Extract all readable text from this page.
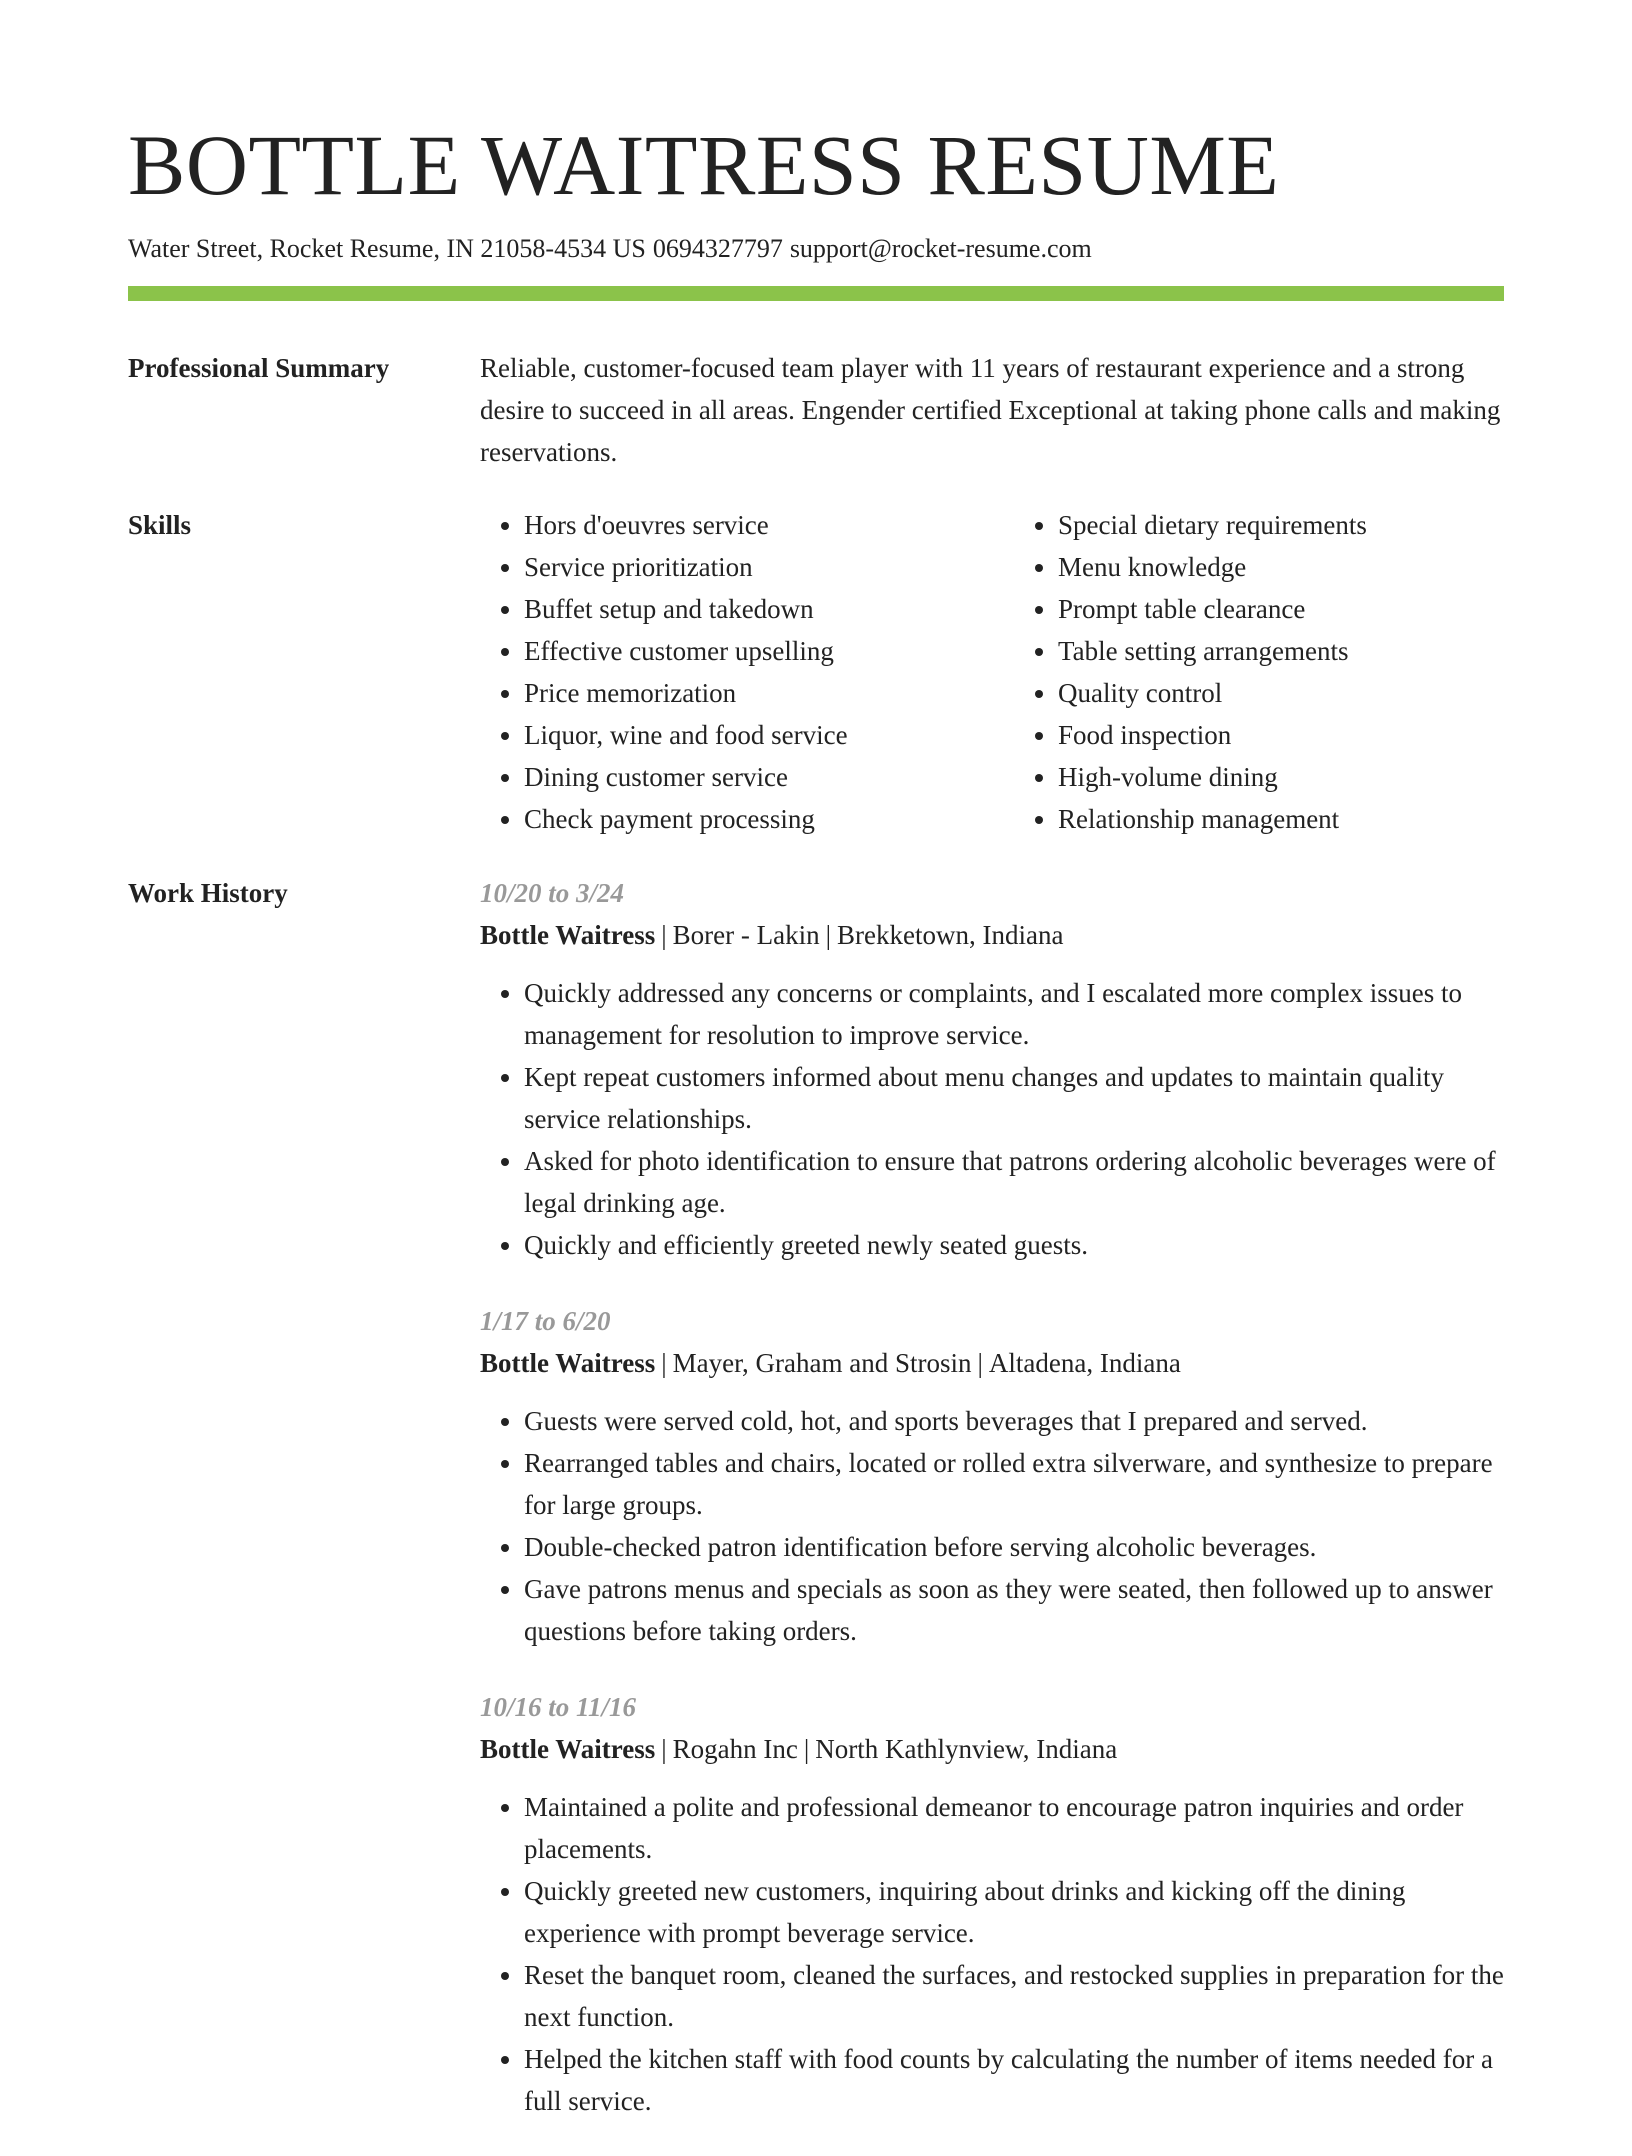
BOTTLE WAITRESS RESUME
Water Street, Rocket Resume, IN 21058-4534 US 0694327797 support@rocket-resume.com
Professional Summary	Reliable, customer-focused team player with 11 years of restaurant experience and a strong desire to succeed in all areas. Engender certified Exceptional at taking phone calls and making reservations.

Skills
•	Hors d'oeuvres service
• Service prioritization
• Buffet setup and takedown
• Effective customer upselling
• Price memorization
• Liquor, wine and food service
• Dining customer service
• Check payment processing
• Special dietary requirements
• Menu knowledge
• Prompt table clearance
• Table setting arrangements
• Quality control
• Food inspection
• High-volume dining
• Relationship management
Work History	10/20 to 3/24
Bottle Waitress | Borer - Lakin | Brekketown, Indiana
• Quickly addressed any concerns or complaints, and I escalated more complex issues to management for resolution to improve service.
• Kept repeat customers informed about menu changes and updates to maintain quality service relationships.
• Asked for photo identification to ensure that patrons ordering alcoholic beverages were of legal drinking age.
• Quickly and efficiently greeted newly seated guests.
1/17 to 6/20
Bottle Waitress | Mayer, Graham and Strosin | Altadena, Indiana
• Guests were served cold, hot, and sports beverages that I prepared and served.
• Rearranged tables and chairs, located or rolled extra silverware, and synthesize to prepare for large groups.
• Double-checked patron identification before serving alcoholic beverages.
• Gave patrons menus and specials as soon as they were seated, then followed up to answer questions before taking orders.
10/16 to 11/16
Bottle Waitress | Rogahn Inc | North Kathlynview, Indiana
• Maintained a polite and professional demeanor to encourage patron inquiries and order placements.
• Quickly greeted new customers, inquiring about drinks and kicking off the dining experience with prompt beverage service.
• Reset the banquet room, cleaned the surfaces, and restocked supplies in preparation for the next function.
• Helped the kitchen staff with food counts by calculating the number of items needed for a full service.
